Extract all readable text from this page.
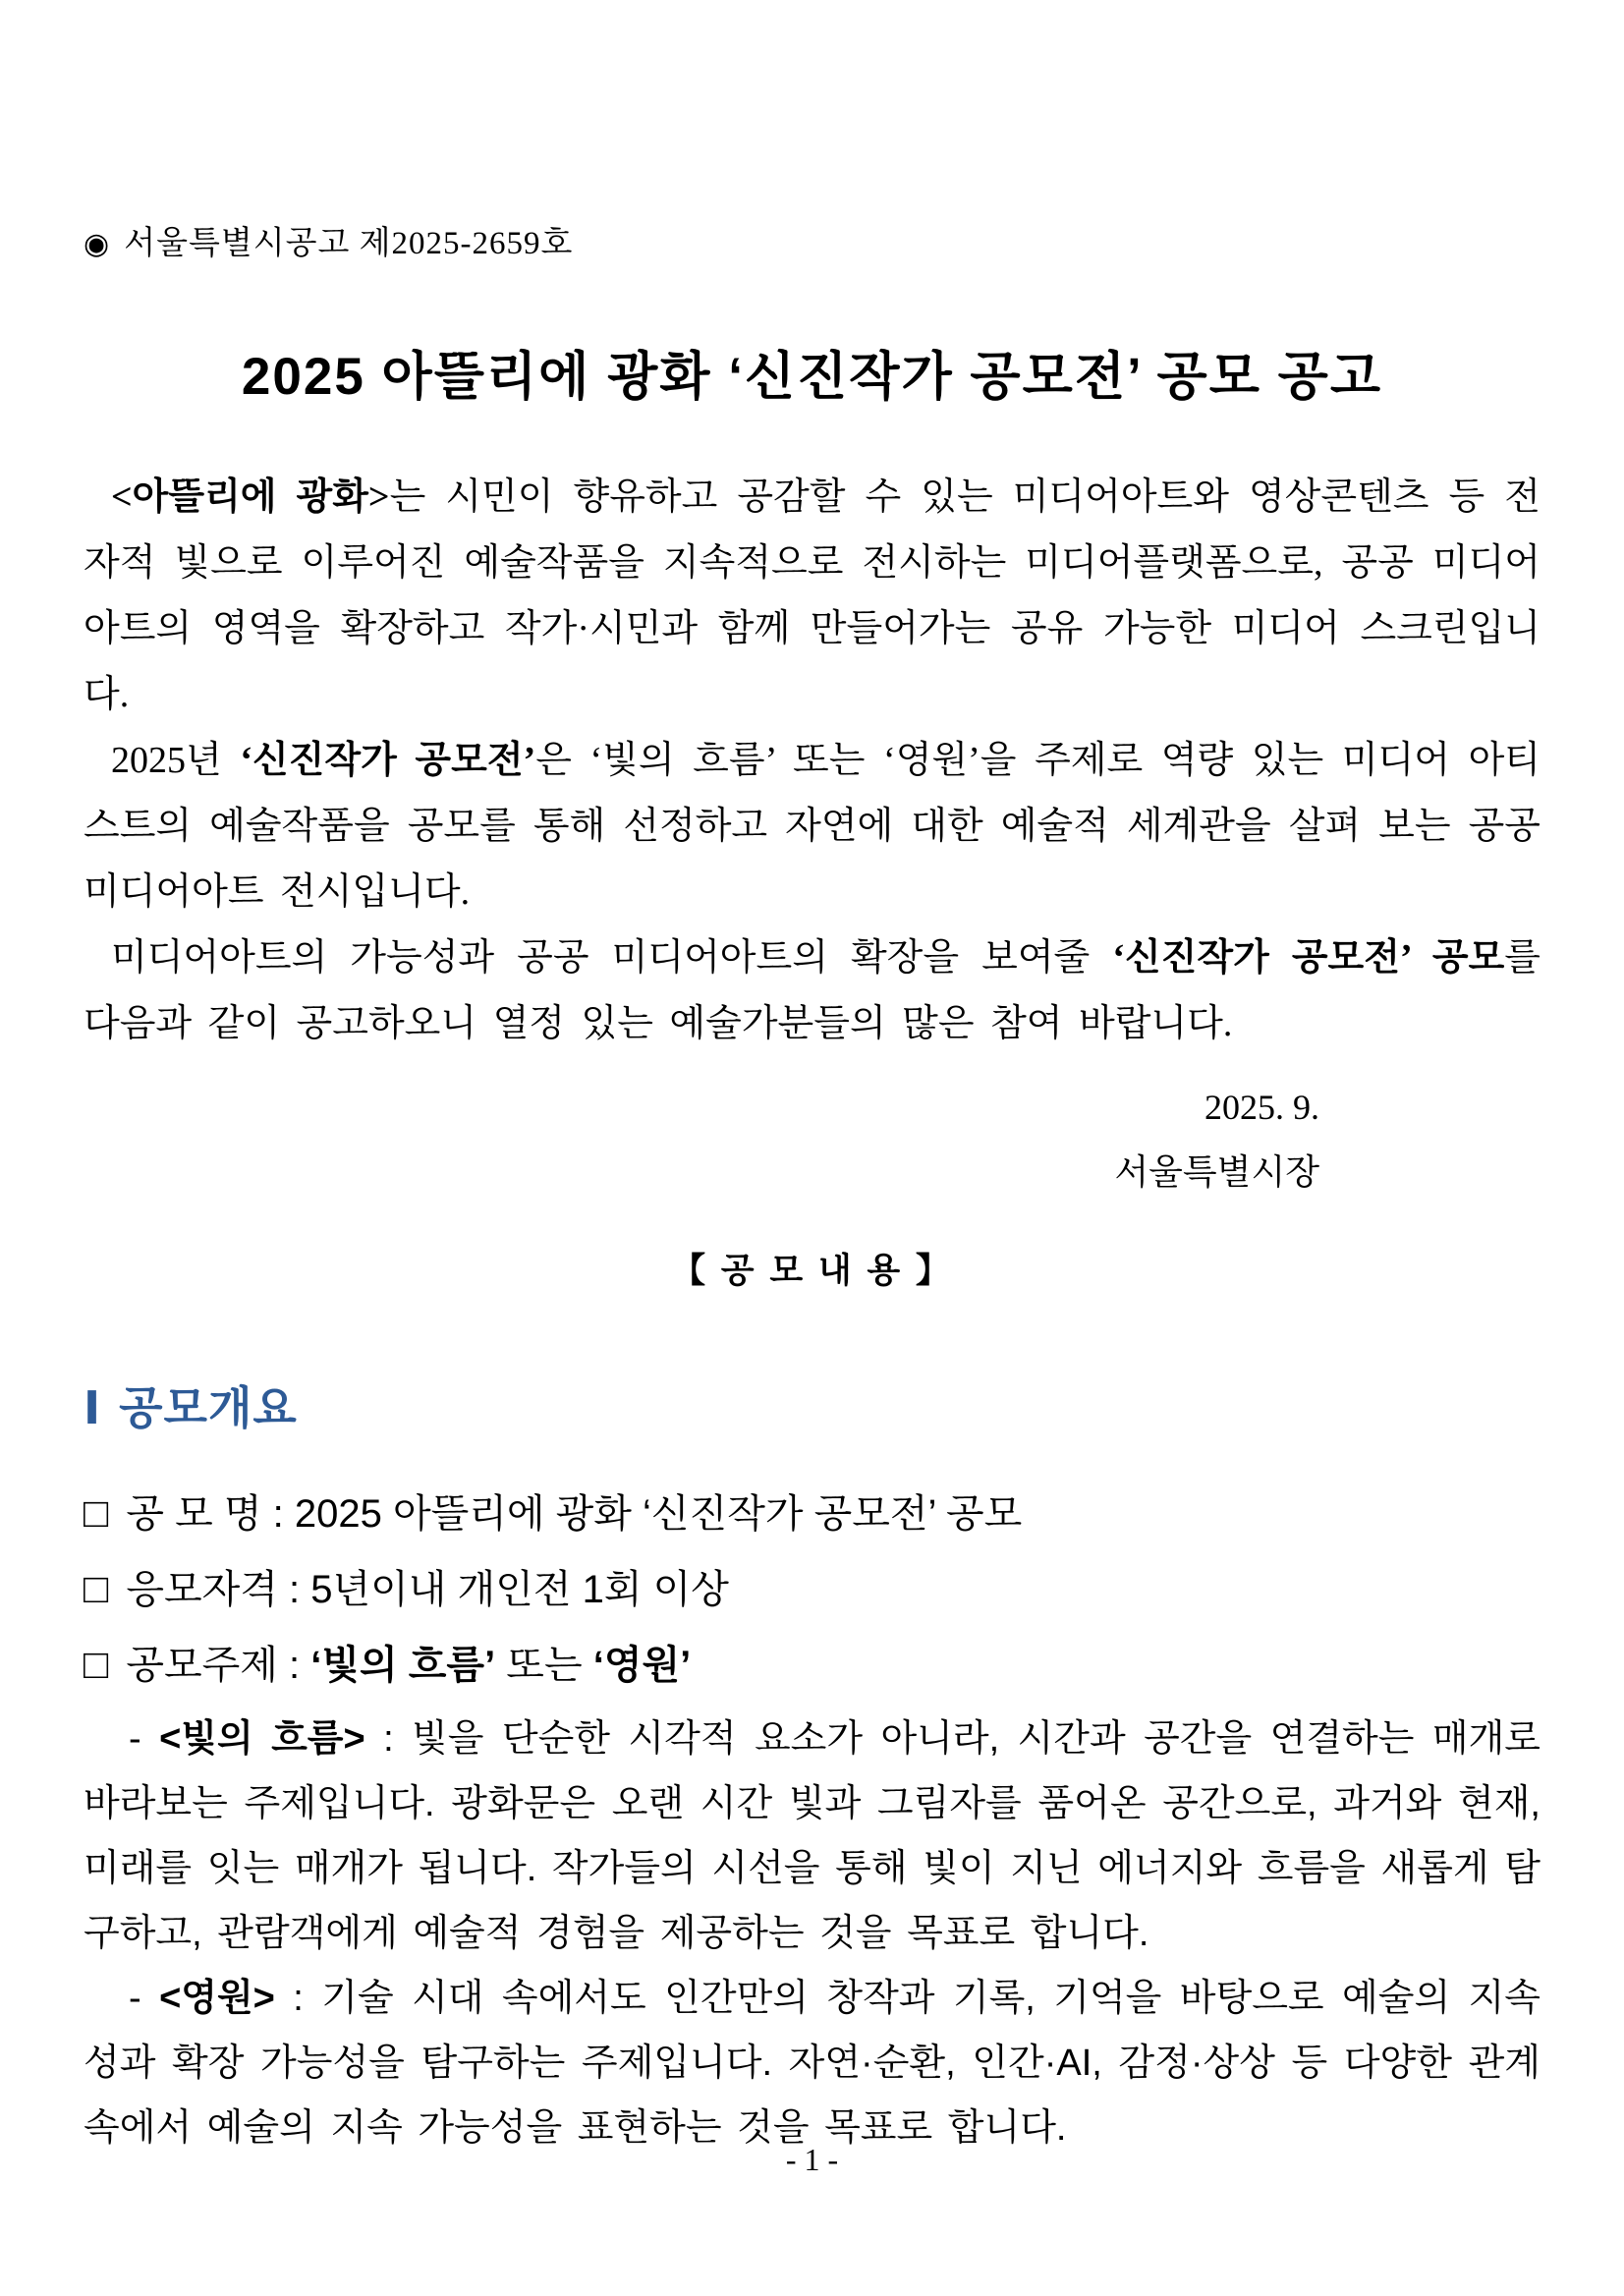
◉ 서울특별시공고 제2025-2659호
2025 아뜰리에 광화 ‘신진작가 공모전’ 공모 공고

<아뜰리에 광화>는 시민이 향유하고 공감할 수 있는 미디어아트와 영상콘텐츠 등 전자적 빛으로 이루어진 예술작품을 지속적으로 전시하는 미디어플랫폼으로, 공공 미디어아트의 영역을 확장하고 작가·시민과 함께 만들어가는 공유 가능한 미디어 스크린입니다.

2025년 ‘신진작가 공모전’은 ‘빛의 흐름’ 또는 ‘영원’을 주제로 역량 있는 미디어 아티스트의 예술작품을 공모를 통해 선정하고 자연에 대한 예술적 세계관을 살펴 보는 공공 미디어아트 전시입니다.

미디어아트의 가능성과 공공 미디어아트의 확장을 보여줄 ‘신진작가 공모전’ 공모를 다음과 같이 공고하오니 열정 있는 예술가분들의 많은 참여 바랍니다.

2025. 9.
서울특별시장
【 공 모 내 용 】
Ⅰ 공모개요
□ 공 모 명 : 2025 아뜰리에 광화 ‘신진작가 공모전’ 공모
□ 응모자격 : 5년이내 개인전 1회 이상
□ 공모주제 : ‘빛의 흐름’ 또는 ‘영원’

- <빛의 흐름> : 빛을 단순한 시각적 요소가 아니라, 시간과 공간을 연결하는 매개로 바라보는 주제입니다. 광화문은 오랜 시간 빛과 그림자를 품어온 공간으로, 과거와 현재, 미래를 잇는 매개가 됩니다. 작가들의 시선을 통해 빛이 지닌 에너지와 흐름을 새롭게 탐구하고, 관람객에게 예술적 경험을 제공하는 것을 목표로 합니다.

- <영원> : 기술 시대 속에서도 인간만의 창작과 기록, 기억을 바탕으로 예술의 지속성과 확장 가능성을 탐구하는 주제입니다. 자연·순환, 인간·AI, 감정·상상 등 다양한 관계속에서 예술의 지속 가능성을 표현하는 것을 목표로 합니다.

- 1 -
